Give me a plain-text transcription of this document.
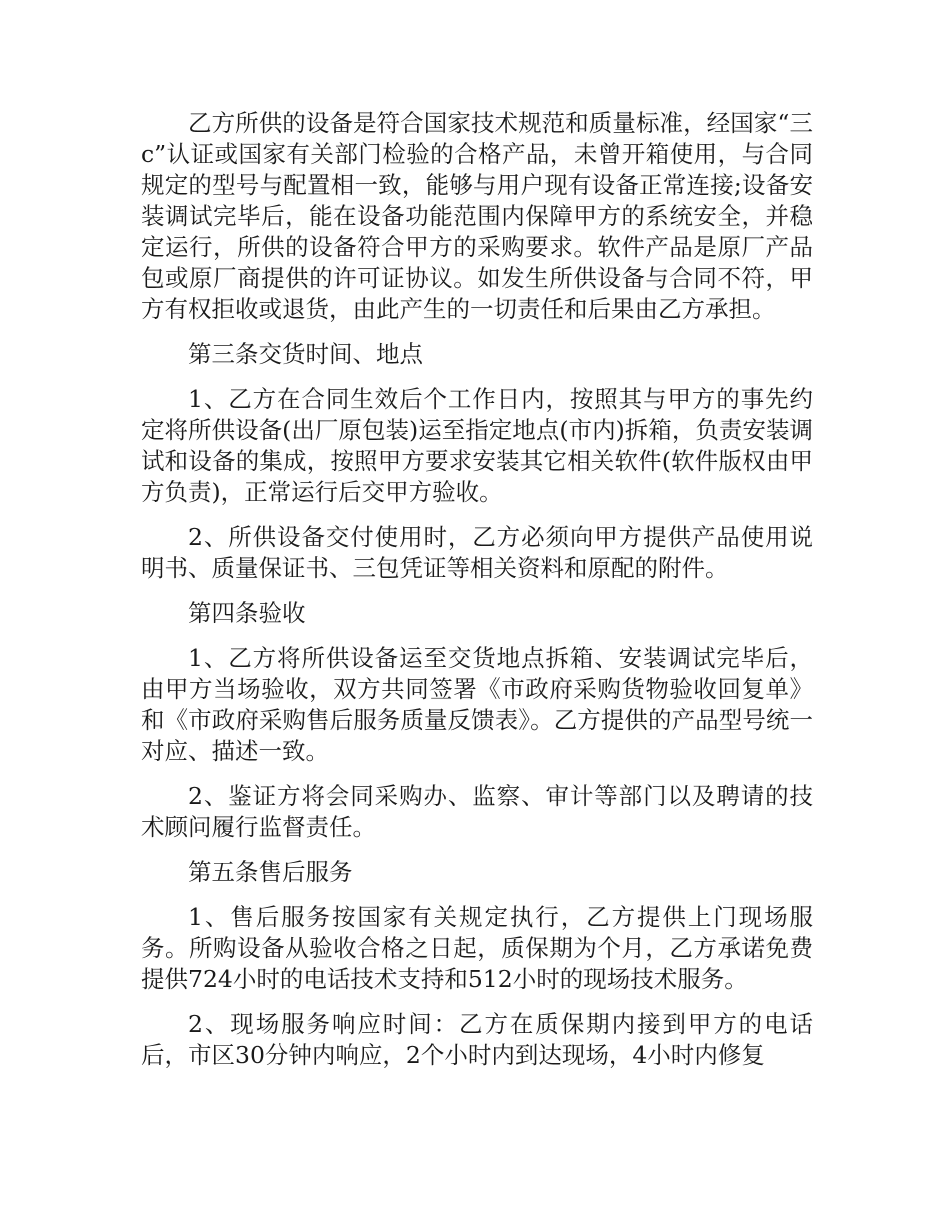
乙方所供的设备是符合国家技术规范和质量标准，经国家“三c”认证或国家有关部门检验的合格产品，未曾开箱使用，与合同规定的型号与配置相一致，能够与用户现有设备正常连接;设备安装调试完毕后，能在设备功能范围内保障甲方的系统安全，并稳定运行，所供的设备符合甲方的采购要求。软件产品是原厂产品包或原厂商提供的许可证协议。如发生所供设备与合同不符，甲方有权拒收或退货，由此产生的一切责任和后果由乙方承担。

第三条交货时间、地点

1、乙方在合同生效后个工作日内，按照其与甲方的事先约定将所供设备(出厂原包装)运至指定地点(市内)拆箱，负责安装调试和设备的集成，按照甲方要求安装其它相关软件(软件版权由甲方负责)，正常运行后交甲方验收。

2、所供设备交付使用时，乙方必须向甲方提供产品使用说明书、质量保证书、三包凭证等相关资料和原配的附件。

第四条验收

1、乙方将所供设备运至交货地点拆箱、安装调试完毕后，由甲方当场验收，双方共同签署《市政府采购货物验收回复单》和《市政府采购售后服务质量反馈表》。乙方提供的产品型号统一对应、描述一致。

2、鉴证方将会同采购办、监察、审计等部门以及聘请的技术顾问履行监督责任。

第五条售后服务

1、售后服务按国家有关规定执行，乙方提供上门现场服务。所购设备从验收合格之日起，质保期为个月，乙方承诺免费提供724小时的电话技术支持和512小时的现场技术服务。

2、现场服务响应时间：乙方在质保期内接到甲方的电话后，市区30分钟内响应，2个小时内到达现场，4小时内修复
